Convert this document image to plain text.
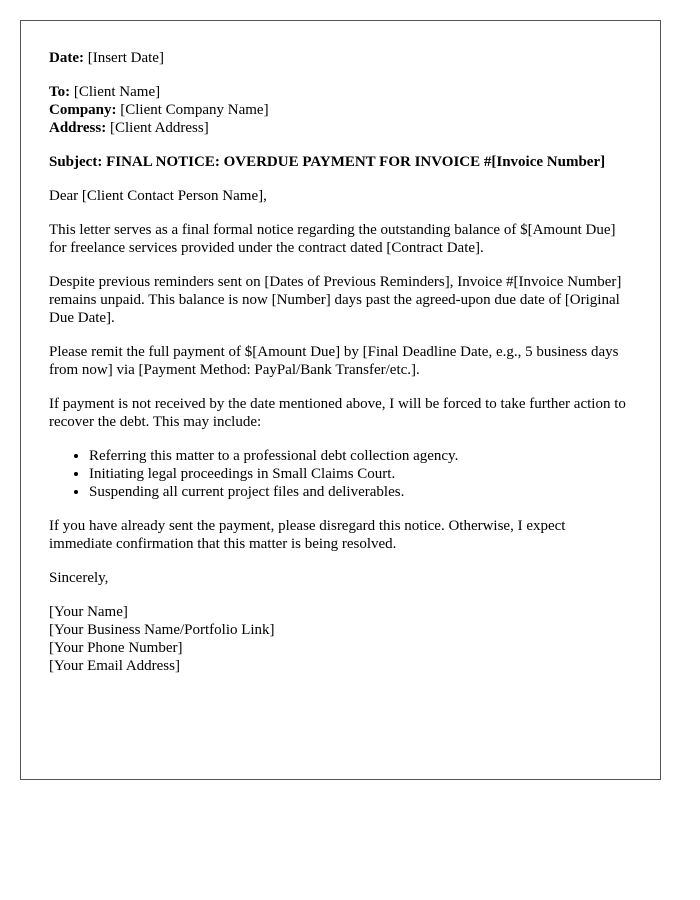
Date: [Insert Date]

To: [Client Name]

Company: [Client Company Name]

Address: [Client Address]

Subject: FINAL NOTICE: OVERDUE PAYMENT FOR INVOICE #[Invoice Number]

Dear [Client Contact Person Name],

This letter serves as a final formal notice regarding the outstanding balance of $[Amount Due] for freelance services provided under the contract dated [Contract Date].

Despite previous reminders sent on [Dates of Previous Reminders], Invoice #[Invoice Number] remains unpaid. This balance is now [Number] days past the agreed-upon due date of [Original Due Date].

Please remit the full payment of $[Amount Due] by [Final Deadline Date, e.g., 5 business days from now] via [Payment Method: PayPal/Bank Transfer/etc.].

If payment is not received by the date mentioned above, I will be forced to take further action to recover the debt. This may include:

• Referring this matter to a professional debt collection agency.
• Initiating legal proceedings in Small Claims Court.
• Suspending all current project files and deliverables.

If you have already sent the payment, please disregard this notice. Otherwise, I expect immediate confirmation that this matter is being resolved.

Sincerely,

[Your Name]

[Your Business Name/Portfolio Link]

[Your Phone Number]

[Your Email Address]
